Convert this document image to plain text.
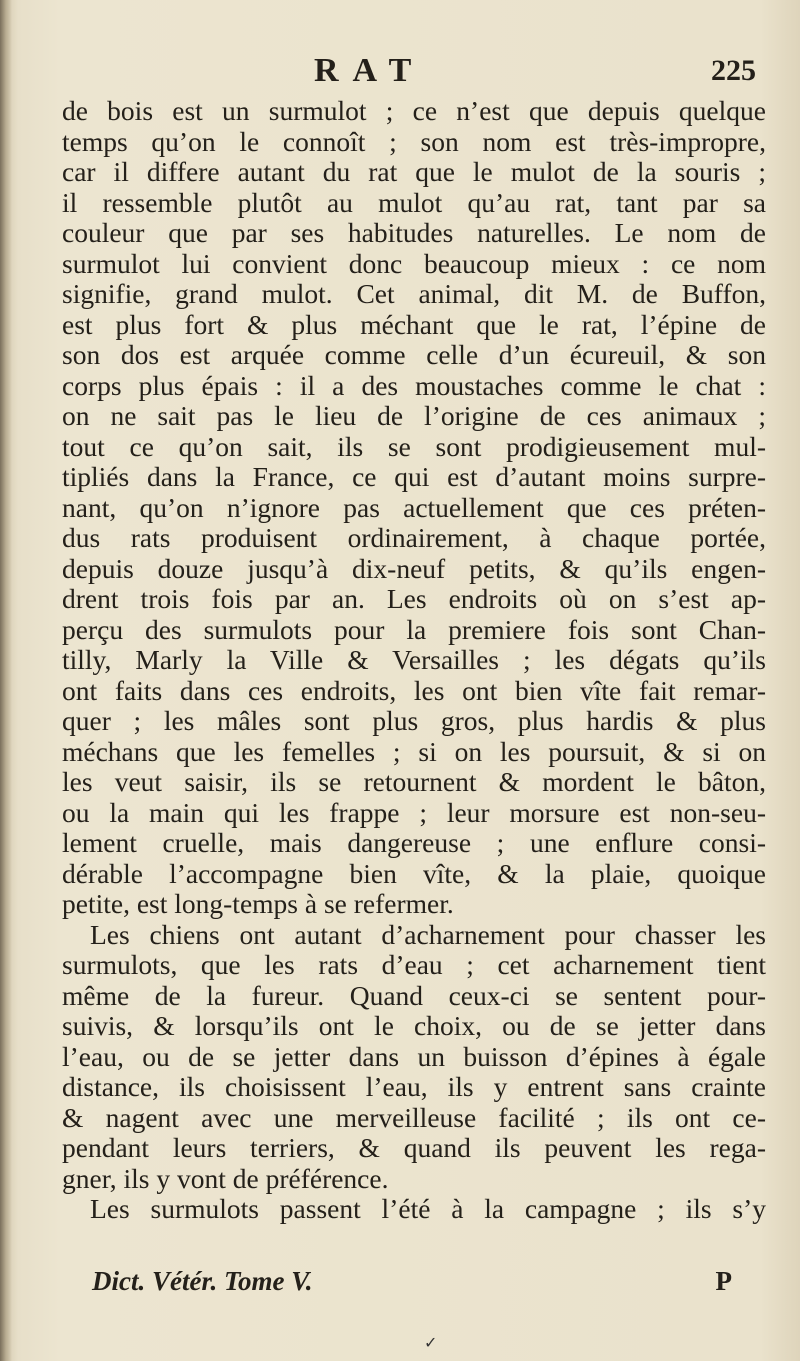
RAT	225
de bois est un surmulot ; ce n’est que depuis quelque
temps qu’on le connoît ; son nom est très-impropre,
car il differe autant du rat que le mulot de la souris ;
il ressemble plutôt au mulot qu’au rat, tant par sa
couleur que par ses habitudes naturelles. Le nom de
surmulot lui convient donc beaucoup mieux : ce nom
signifie, grand mulot. Cet animal, dit M. de Buffon,
est plus fort & plus méchant que le rat, l’épine de
son dos est arquée comme celle d’un écureuil, & son
corps plus épais : il a des moustaches comme le chat :
on ne sait pas le lieu de l’origine de ces animaux ;
tout ce qu’on sait, ils se sont prodigieusement mul-
tipliés dans la France, ce qui est d’autant moins surpre-
nant, qu’on n’ignore pas actuellement que ces préten-
dus rats produisent ordinairement, à chaque portée,
depuis douze jusqu’à dix-neuf petits, & qu’ils engen-
drent trois fois par an. Les endroits où on s’est ap-
perçu des surmulots pour la premiere fois sont Chan-
tilly, Marly la Ville & Versailles ; les dégats qu’ils
ont faits dans ces endroits, les ont bien vîte fait remar-
quer ; les mâles sont plus gros, plus hardis & plus
méchans que les femelles ; si on les poursuit, & si on
les veut saisir, ils se retournent & mordent le bâton,
ou la main qui les frappe ; leur morsure est non-seu-
lement cruelle, mais dangereuse ; une enflure consi-
dérable l’accompagne bien vîte, & la plaie, quoique
petite, est long-temps à se refermer.
Les chiens ont autant d’acharnement pour chasser les
surmulots, que les rats d’eau ; cet acharnement tient
même de la fureur. Quand ceux-ci se sentent pour-
suivis, & lorsqu’ils ont le choix, ou de se jetter dans
l’eau, ou de se jetter dans un buisson d’épines à égale
distance, ils choisissent l’eau, ils y entrent sans crainte
& nagent avec une merveilleuse facilité ; ils ont ce-
pendant leurs terriers, & quand ils peuvent les rega-
gner, ils y vont de préférence.
Les surmulots passent l’été à la campagne ; ils s’y
Dict. Vétér. Tome V.	P
✓
